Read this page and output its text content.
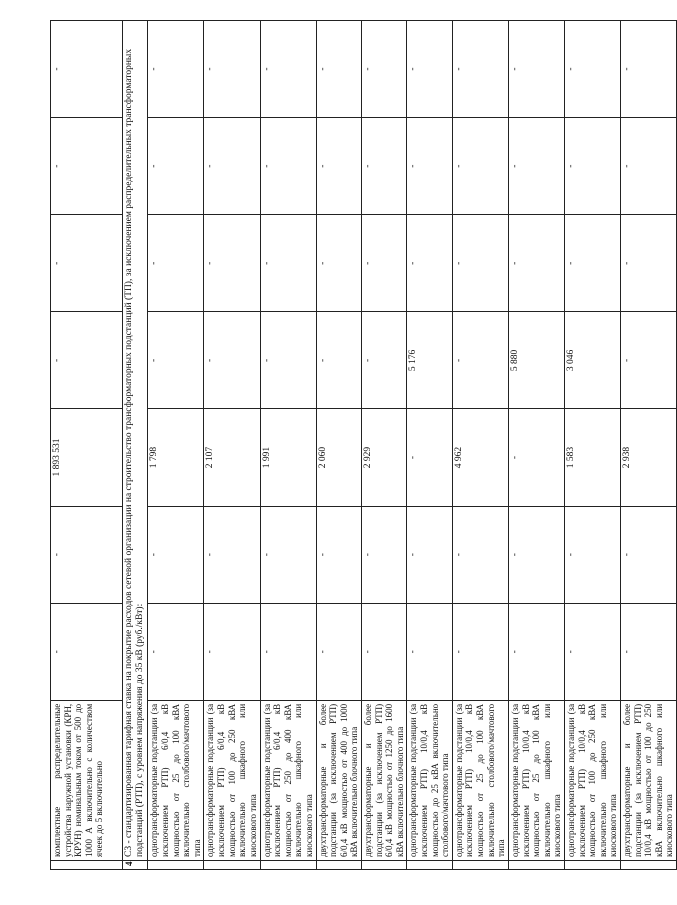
	комплектные распределительные устройства наружной установки (КРН, КРУН) номинальным током от 500 до 1000 А включительно с количеством ячеек до 5 включительно	-	-	1 893 531	-	-	-	-
4	С3 - стандартизированная тарифная ставка на покрытие расходов сетевой организации на строительство трансформаторных подстанций (ТП), за исключением распределительных трансформаторных подстанций (РТП), с уровнем напряжения до 35 кВ (руб./кВт):							
	однотрансформаторные подстанции (за исключением РТП) 6/0,4 кВ мощностью от 25 до 100 кВА включительно столбового/мачтового типа	-	-	1 798	-	-	-	-
	однотрансформаторные подстанции (за исключением РТП) 6/0,4 кВ мощностью от 100 до 250 кВА включительно шкафного или киоскового типа	-	-	2 107	-	-	-	-
	однотрансформаторные подстанции (за исключением РТП) 6/0,4 кВ мощностью от 250 до 400 кВА включительно шкафного или киоскового типа	-	-	1 991	-	-	-	-
	двухтрансформаторные и более подстанции (за исключением РТП) 6/0,4 кВ мощностью от 400 до 1000 кВА включительно блочного типа	-	-	2 060	-	-	-	-
	двухтрансформаторные и более подстанции (за исключением РТП) 6/0,4 кВ мощностью от 1250 до 1600 кВА включительно блочного типа	-	-	2 929	-	-	-	-
	однотрансформаторные подстанции (за исключением РТП) 10/0,4 кВ мощностью до 25 кВА включительно столбового/мачтового типа	-	-	-	5 176	-	-	-
	однотрансформаторные подстанции (за исключением РТП) 10/0,4 кВ мощностью от 25 до 100 кВА включительно столбового/мачтового типа	-	-	4 962	-	-	-	-
	однотрансформаторные подстанции (за исключением РТП) 10/0,4 кВ мощностью от 25 до 100 кВА включительно шкафного или киоскового типа	-	-	-	5 880	-	-	-
	однотрансформаторные подстанции (за исключением РТП) 10/0,4 кВ мощностью от 100 до 250 кВА включительно шкафного или киоскового типа	-	-	1 583	3 046	-	-	-
	двухтрансформаторные и более подстанции (за исключением РТП) 10/0,4 кВ мощностью от 100 до 250 кВА включительно шкафного или киоскового типа	-	-	2 938	-	-	-	-
